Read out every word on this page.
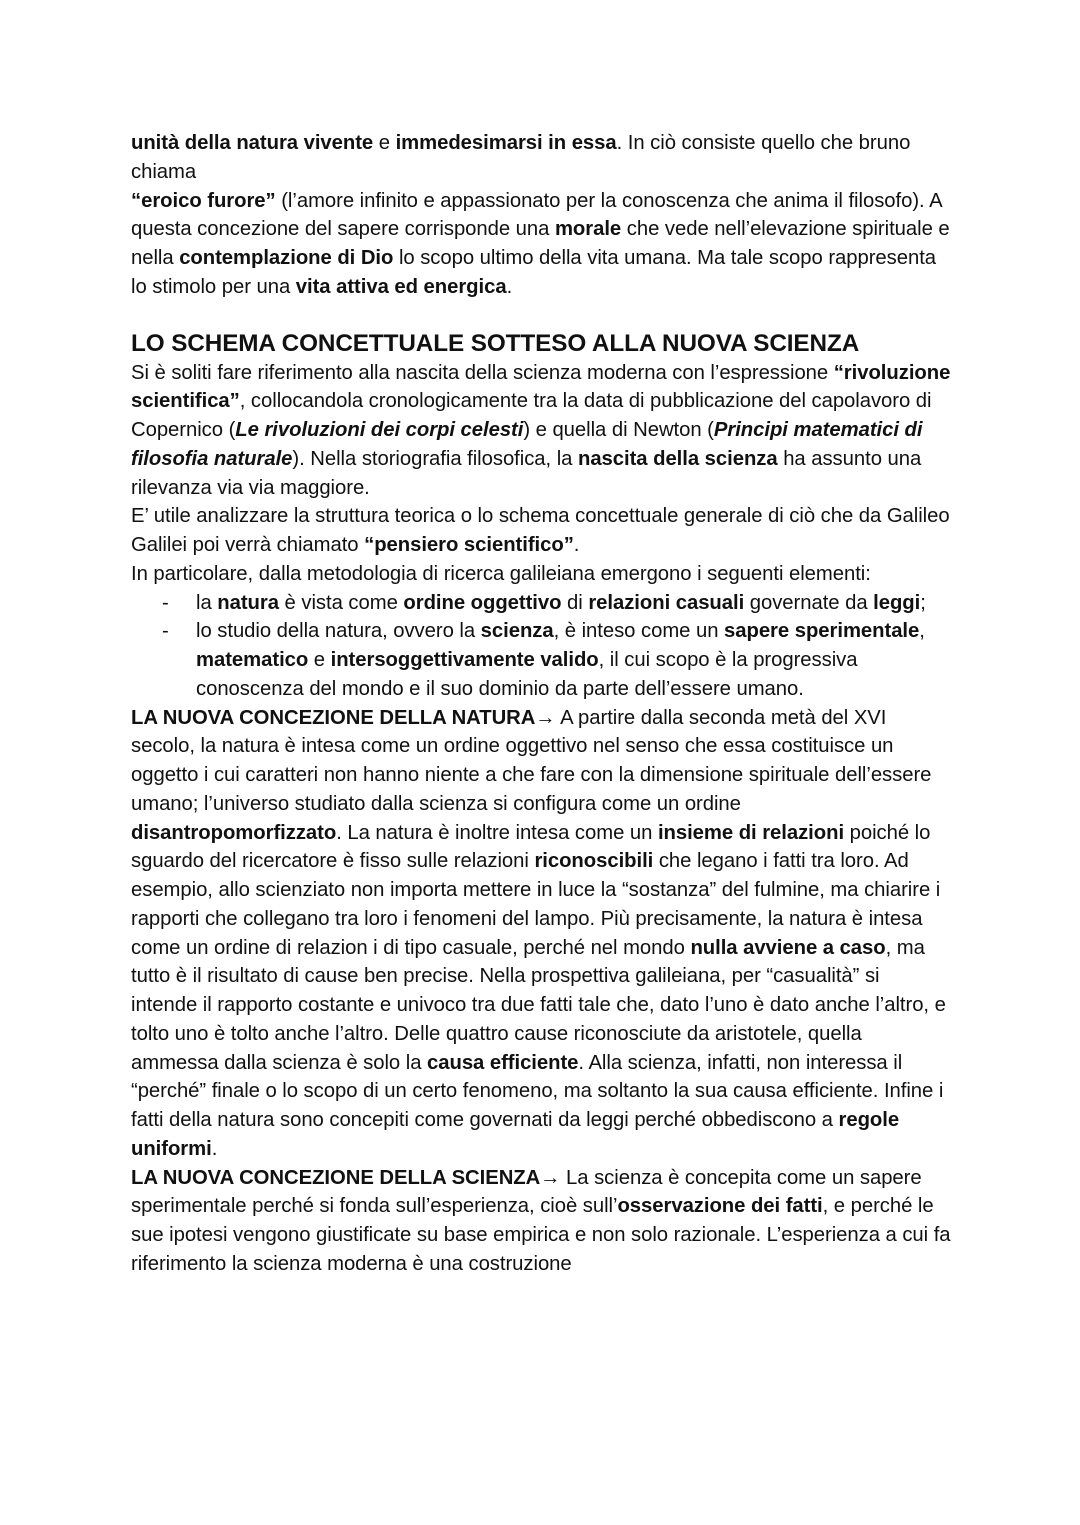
unità della natura vivente e immedesimarsi in essa. In ciò consiste quello che bruno chiama
“eroico furore” (l’amore infinito e appassionato per la conoscenza che anima il filosofo). A questa concezione del sapere corrisponde una morale che vede nell’elevazione spirituale e nella contemplazione di Dio lo scopo ultimo della vita umana. Ma tale scopo rappresenta lo stimolo per una vita attiva ed energica.

LO SCHEMA CONCETTUALE SOTTESO ALLA NUOVA SCIENZA

Si è soliti fare riferimento alla nascita della scienza moderna con l’espressione “rivoluzione scientifica”, collocandola cronologicamente tra la data di pubblicazione del capolavoro di Copernico (Le rivoluzioni dei corpi celesti) e quella di Newton (Principi matematici di filosofia naturale). Nella storiografia filosofica, la nascita della scienza ha assunto una rilevanza via via maggiore.

E’ utile analizzare la struttura teorica o lo schema concettuale generale di ciò che da Galileo Galilei poi verrà chiamato “pensiero scientifico”.

In particolare, dalla metodologia di ricerca galileiana emergono i seguenti elementi:

- la natura è vista come ordine oggettivo di relazioni casuali governate da leggi;
- lo studio della natura, ovvero la scienza, è inteso come un sapere sperimentale, matematico e intersoggettivamente valido, il cui scopo è la progressiva conoscenza del mondo e il suo dominio da parte dell’essere umano.

LA NUOVA CONCEZIONE DELLA NATURA→ A partire dalla seconda metà del XVI secolo, la natura è intesa come un ordine oggettivo nel senso che essa costituisce un oggetto i cui caratteri non hanno niente a che fare con la dimensione spirituale dell’essere umano; l’universo studiato dalla scienza si configura come un ordine disantropomorfizzato. La natura è inoltre intesa come un insieme di relazioni poiché lo sguardo del ricercatore è fisso sulle relazioni riconoscibili che legano i fatti tra loro. Ad esempio, allo scienziato non importa mettere in luce la “sostanza” del fulmine, ma chiarire i rapporti che collegano tra loro i fenomeni del lampo. Più precisamente, la natura è intesa come un ordine di relazion i di tipo casuale, perché nel mondo nulla avviene a caso, ma tutto è il risultato di cause ben precise. Nella prospettiva galileiana, per “casualità” si intende il rapporto costante e univoco tra due fatti tale che, dato l’uno è dato anche l’altro, e tolto uno è tolto anche l’altro. Delle quattro cause riconosciute da aristotele, quella ammessa dalla scienza è solo la causa efficiente. Alla scienza, infatti, non interessa il “perché” finale o lo scopo di un certo fenomeno, ma soltanto la sua causa efficiente. Infine i fatti della natura sono concepiti come governati da leggi perché obbediscono a regole uniformi.

LA NUOVA CONCEZIONE DELLA SCIENZA→ La scienza è concepita come un sapere sperimentale perché si fonda sull’esperienza, cioè sull’osservazione dei fatti, e perché le sue ipotesi vengono giustificate su base empirica e non solo razionale. L’esperienza a cui fa riferimento la scienza moderna è una costruzione
